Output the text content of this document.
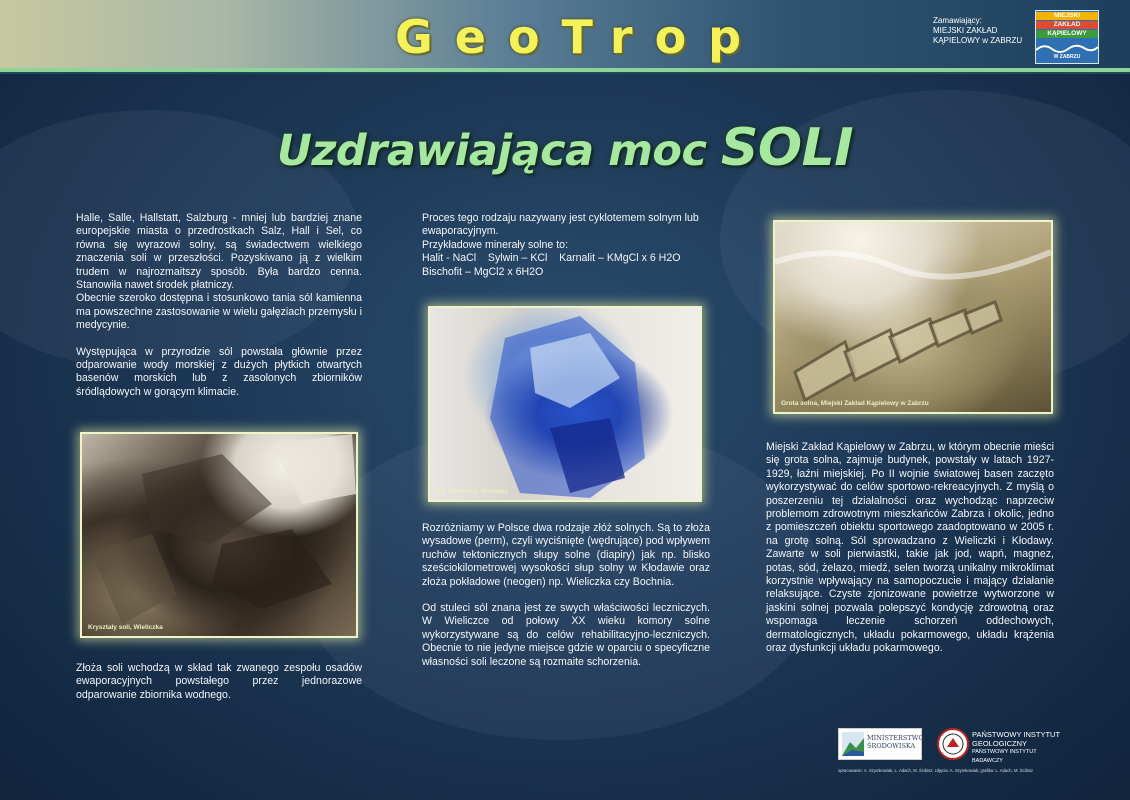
GeoTrop	Zamawiający:
MIEJSKI ZAKŁAD
KĄPIELOWY w ZABRZU
MIEJSKI
ZAKŁAD
KĄPIELOWY
W ZABRZU
Uzdrawiająca moc SOLI

Halle, Salle, Hallstatt, Salzburg - mniej lub bardziej znane europejskie miasta o przedrostkach Salz, Hall i Sel, co równa się wyrazowi solny, są świadectwem wielkiego znaczenia soli w przeszłości. Pozyskiwano ją z wielkim trudem w najrozmaitszy sposób. Była bardzo cenna. Stanowiła nawet środek płatniczy.

Obecnie szeroko dostępna i stosunkowo tania sól kamienna ma powszechne zastosowanie w wielu gałęziach przemysłu i medycynie.

Występująca w przyrodzie sól powstała głównie przez odparowanie wody morskiej z dużych płytkich otwartych basenów morskich lub z zasolonych zbiorników śródlądowych w gorącym klimacie.

Kryształy soli, Wieliczka

Złoża soli wchodzą w skład tak zwanego zespołu osadów ewaporacyjnych powstałego przez jednorazowe odparowanie zbiornika wodnego.

Proces tego rodzaju nazywany jest cyklotemem solnym lub ewaporacyjnym.

Przykładowe minerały solne to:

Halit - NaCl    Sylwin – KCl    Karnalit – KMgCl x 6 H2O

Bischofit – MgCl2 x 6H2O

Sól niebieska, Kłodawa

Rozróżniamy w Polsce dwa rodzaje złóż solnych. Są to złoża wysadowe (perm), czyli wyciśnięte (wędrujące) pod wpływem ruchów tektonicznych słupy solne (diapiry) jak np. blisko sześciokilometrowej wysokości słup solny w Kłodawie oraz złoża pokładowe (neogen) np. Wieliczka czy Bochnia.

Od stuleci sól znana jest ze swych właściwości leczniczych. W Wieliczce od połowy XX wieku komory solne wykorzystywane są do celów rehabilitacyjno-leczniczych. Obecnie to nie jedyne miejsce gdzie w oparciu o specyficzne własności soli leczone są rozmaite schorzenia.

Grota solna, Miejski Zakład Kąpielowy w Zabrzu

Miejski Zakład Kąpielowy w Zabrzu, w którym obecnie mieści się grota solna, zajmuje budynek, powstały w latach 1927-1929, łaźni miejskiej. Po II wojnie światowej basen zaczęto wykorzystywać do celów sportowo-rekreacyjnych. Z myślą o poszerzeniu tej działalności oraz wychodząc naprzeciw problemom zdrowotnym mieszkańców Zabrza i okolic, jedno z pomieszczeń obiektu sportowego zaadoptowano w 2005 r. na grotę solną. Sól sprowadzano z Wieliczki i Kłodawy. Zawarte w soli pierwiastki, takie jak jod, wapń, magnez, potas, sód, żelazo, miedź, selen tworzą unikalny mikroklimat korzystnie wpływający na samopoczucie i mający działanie relaksujące. Czyste zjonizowane powietrze wytworzone w jaskini solnej pozwala polepszyć kondycję zdrowotną oraz wspomaga leczenie schorzeń oddechowych, dermatologicznych, układu pokarmowego, układu krążenia oraz dysfunkcji układu pokarmowego.

MINISTERSTWO
ŚRODOWISKA
PAŃSTWOWY INSTYTUT
GEOLOGICZNY
PAŃSTWOWY INSTYTUT
BADAWCZY
opracowanie: A. Szymkowiak, L. Adach, M. Ścibisz; zdjęcia: A. Szymkowiak; grafika: L. Adach, M. Ścibisz
